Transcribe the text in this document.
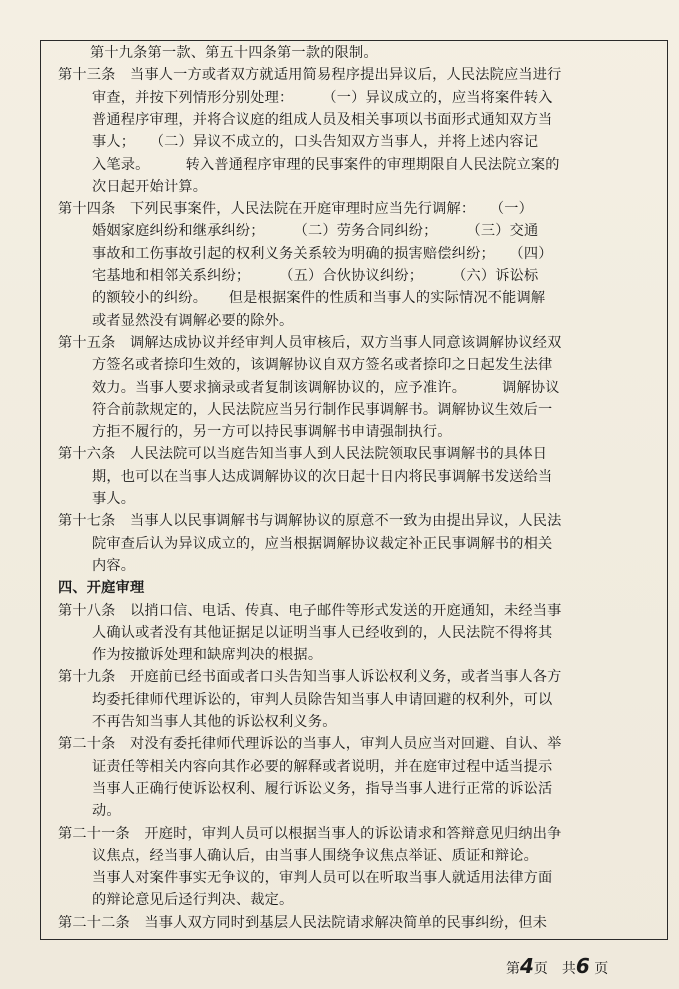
第4页　共6 页
第十九条第一款、第五十四条第一款的限制。
第十三条　当事人一方或者双方就适用简易程序提出异议后，人民法院应当进行
审查，并按下列情形分别处理：　　　（一）异议成立的，应当将案件转入
普通程序审理，并将合议庭的组成人员及相关事项以书面形式通知双方当
事人；　　（二）异议不成立的，口头告知双方当事人，并将上述内容记
入笔录。　　　转入普通程序审理的民事案件的审理期限自人民法院立案的
次日起开始计算。
第十四条　下列民事案件，人民法院在开庭审理时应当先行调解：　　（一）
婚姻家庭纠纷和继承纠纷；　　　（二）劳务合同纠纷；　　　（三）交通
事故和工伤事故引起的权利义务关系较为明确的损害赔偿纠纷；　　（四）
宅基地和相邻关系纠纷；　　　（五）合伙协议纠纷；　　　（六）诉讼标
的额较小的纠纷。　　但是根据案件的性质和当事人的实际情况不能调解
或者显然没有调解必要的除外。
第十五条　调解达成协议并经审判人员审核后，双方当事人同意该调解协议经双
方签名或者捺印生效的，该调解协议自双方签名或者捺印之日起发生法律
效力。当事人要求摘录或者复制该调解协议的，应予准许。　　　调解协议
符合前款规定的，人民法院应当另行制作民事调解书。调解协议生效后一
方拒不履行的，另一方可以持民事调解书申请强制执行。
第十六条　人民法院可以当庭告知当事人到人民法院领取民事调解书的具体日
期，也可以在当事人达成调解协议的次日起十日内将民事调解书发送给当
事人。
第十七条　当事人以民事调解书与调解协议的原意不一致为由提出异议，人民法
院审查后认为异议成立的，应当根据调解协议裁定补正民事调解书的相关
内容。
四、开庭审理
第十八条　以捎口信、电话、传真、电子邮件等形式发送的开庭通知，未经当事
人确认或者没有其他证据足以证明当事人已经收到的，人民法院不得将其
作为按撤诉处理和缺席判决的根据。
第十九条　开庭前已经书面或者口头告知当事人诉讼权利义务，或者当事人各方
均委托律师代理诉讼的，审判人员除告知当事人申请回避的权利外，可以
不再告知当事人其他的诉讼权利义务。
第二十条　对没有委托律师代理诉讼的当事人，审判人员应当对回避、自认、举
证责任等相关内容向其作必要的解释或者说明，并在庭审过程中适当提示
当事人正确行使诉讼权利、履行诉讼义务，指导当事人进行正常的诉讼活
动。
第二十一条　开庭时，审判人员可以根据当事人的诉讼请求和答辩意见归纳出争
议焦点，经当事人确认后，由当事人围绕争议焦点举证、质证和辩论。
当事人对案件事实无争议的，审判人员可以在听取当事人就适用法律方面
的辩论意见后迳行判决、裁定。
第二十二条　当事人双方同时到基层人民法院请求解决简单的民事纠纷，但未
